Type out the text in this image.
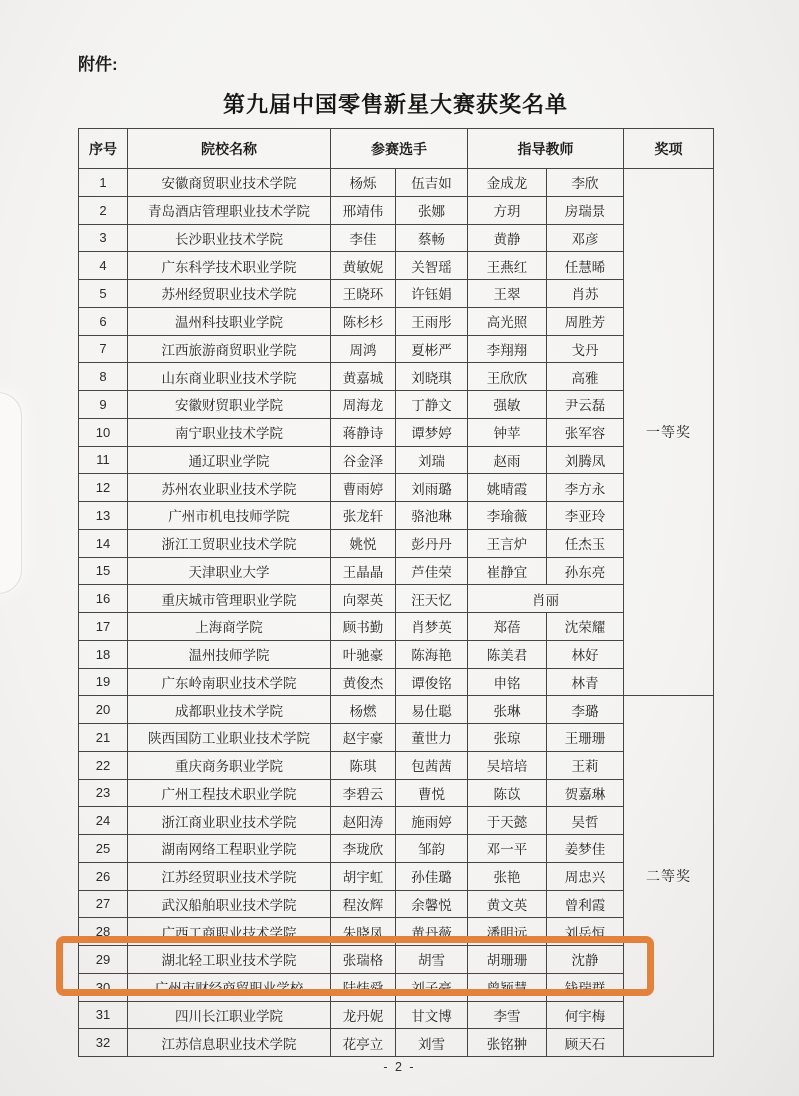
附件:
第九届中国零售新星大赛获奖名单
序号	院校名称	参赛选手		指导教师		奖项
1	安徽商贸职业技术学院	杨烁	伍吉如	金成龙	李欣	一等奖
2	青岛酒店管理职业技术学院	邢靖伟	张娜	方玥	房瑞景	
3	长沙职业技术学院	李佳	蔡畅	黄静	邓彦	
4	广东科学技术职业学院	黄敏妮	关智瑶	王燕红	任慧晞	
5	苏州经贸职业技术学院	王晓环	许钰娟	王翠	肖苏	
6	温州科技职业学院	陈杉杉	王雨彤	高光照	周胜芳	
7	江西旅游商贸职业学院	周鸿	夏彬严	李翔翔	戈丹	
8	山东商业职业技术学院	黄嘉城	刘晓琪	王欣欣	高雅	
9	安徽财贸职业学院	周海龙	丁静文	强敏	尹云磊	
10	南宁职业技术学院	蒋静诗	谭梦婷	钟苹	张军容	
11	通辽职业学院	谷金泽	刘瑞	赵雨	刘腾凤	
12	苏州农业职业技术学院	曹雨婷	刘雨璐	姚晴霞	李方永	
13	广州市机电技师学院	张龙轩	骆池琳	李瑜薇	李亚玲	
14	浙江工贸职业技术学院	姚悦	彭丹丹	王言炉	任杰玉	
15	天津职业大学	王晶晶	芦佳荣	崔静宜	孙东亮	
16	重庆城市管理职业学院	向翠英	汪天忆	肖丽		
17	上海商学院	顾书勤	肖梦英	郑蓓	沈荣耀	
18	温州技师学院	叶驰豪	陈海艳	陈美君	林好	
19	广东岭南职业技术学院	黄俊杰	谭俊铭	申铭	林青	
20	成都职业技术学院	杨燃	易仕聪	张琳	李璐	二等奖
21	陕西国防工业职业技术学院	赵宇豪	董世力	张琼	王珊珊	
22	重庆商务职业学院	陈琪	包茜茜	吴培培	王莉	
23	广州工程技术职业学院	李碧云	曹悦	陈苡	贺嘉琳	
24	浙江商业职业技术学院	赵阳涛	施雨婷	于天懿	吴哲	
25	湖南网络工程职业学院	李珑欣	邹韵	邓一平	姜梦佳	
26	江苏经贸职业技术学院	胡宇虹	孙佳璐	张艳	周忠兴	
27	武汉船舶职业技术学院	程汝辉	余馨悦	黄文英	曾利霞	
28	广西工商职业技术学院	朱晓凤	黄丹薇	潘明远	刘岳恒	
29	湖北轻工职业技术学院	张瑞格	胡雪	胡珊珊	沈静	
30	广州市财经商贸职业学校	陆炜舜	刘子豪	曾颖慧	钱瑞群	
31	四川长江职业学院	龙丹妮	甘文博	李雪	何宇梅	
32	江苏信息职业技术学院	花亭立	刘雪	张铭翀	顾天石	
- 2 -
